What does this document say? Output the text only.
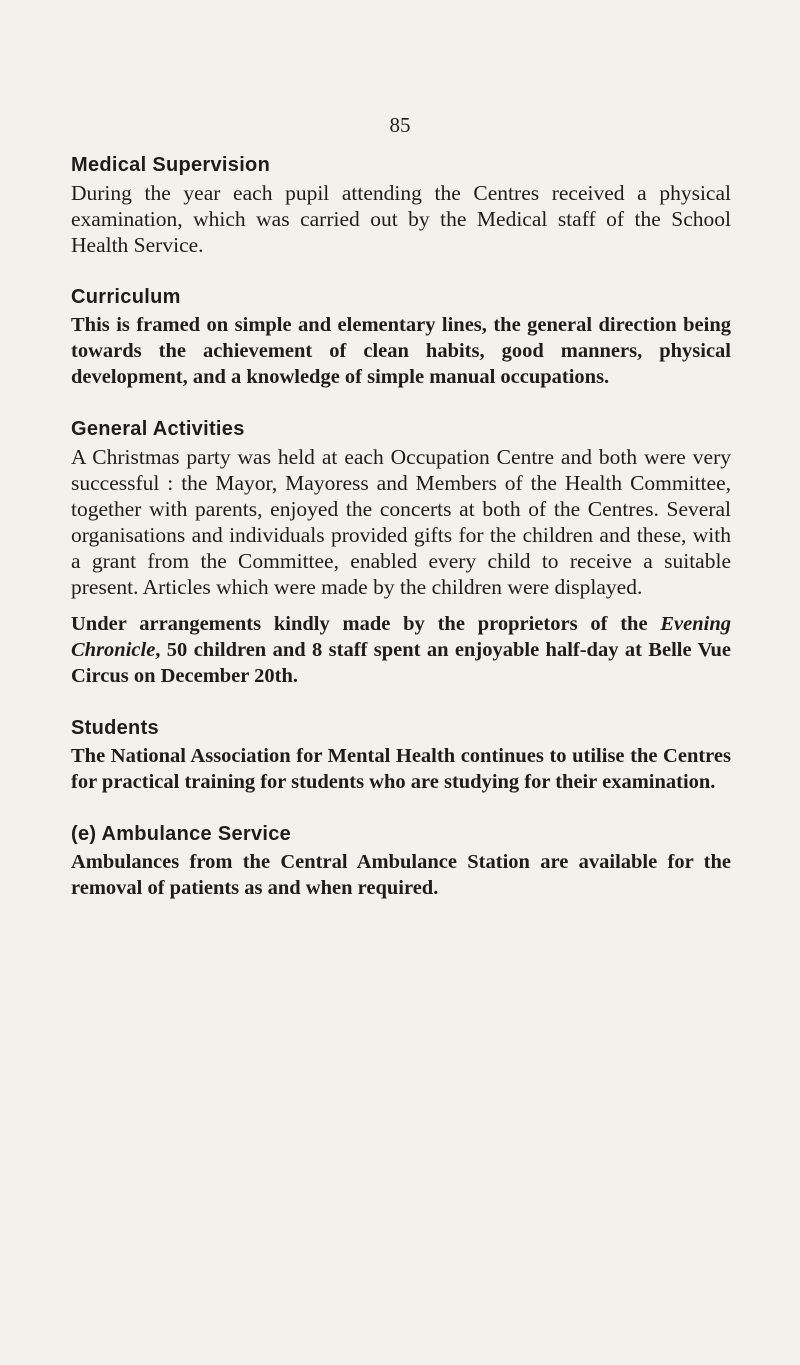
85
Medical Supervision

During the year each pupil attending the Centres received a physical examination, which was carried out by the Medical staff of the School Health Service.

Curriculum

This is framed on simple and elementary lines, the general direction being towards the achievement of clean habits, good manners, physical development, and a knowledge of simple manual occupations.

General Activities

A Christmas party was held at each Occupation Centre and both were very successful : the Mayor, Mayoress and Members of the Health Committee, together with parents, enjoyed the concerts at both of the Centres. Several organisations and individuals provided gifts for the children and these, with a grant from the Committee, enabled every child to receive a suitable present. Articles which were made by the children were displayed.

Under arrangements kindly made by the proprietors of the Evening Chronicle, 50 children and 8 staff spent an enjoyable half-day at Belle Vue Circus on December 20th.

Students

The National Association for Mental Health continues to utilise the Centres for practical training for students who are studying for their examination.

(e) Ambulance Service

Ambulances from the Central Ambulance Station are available for the removal of patients as and when required.
